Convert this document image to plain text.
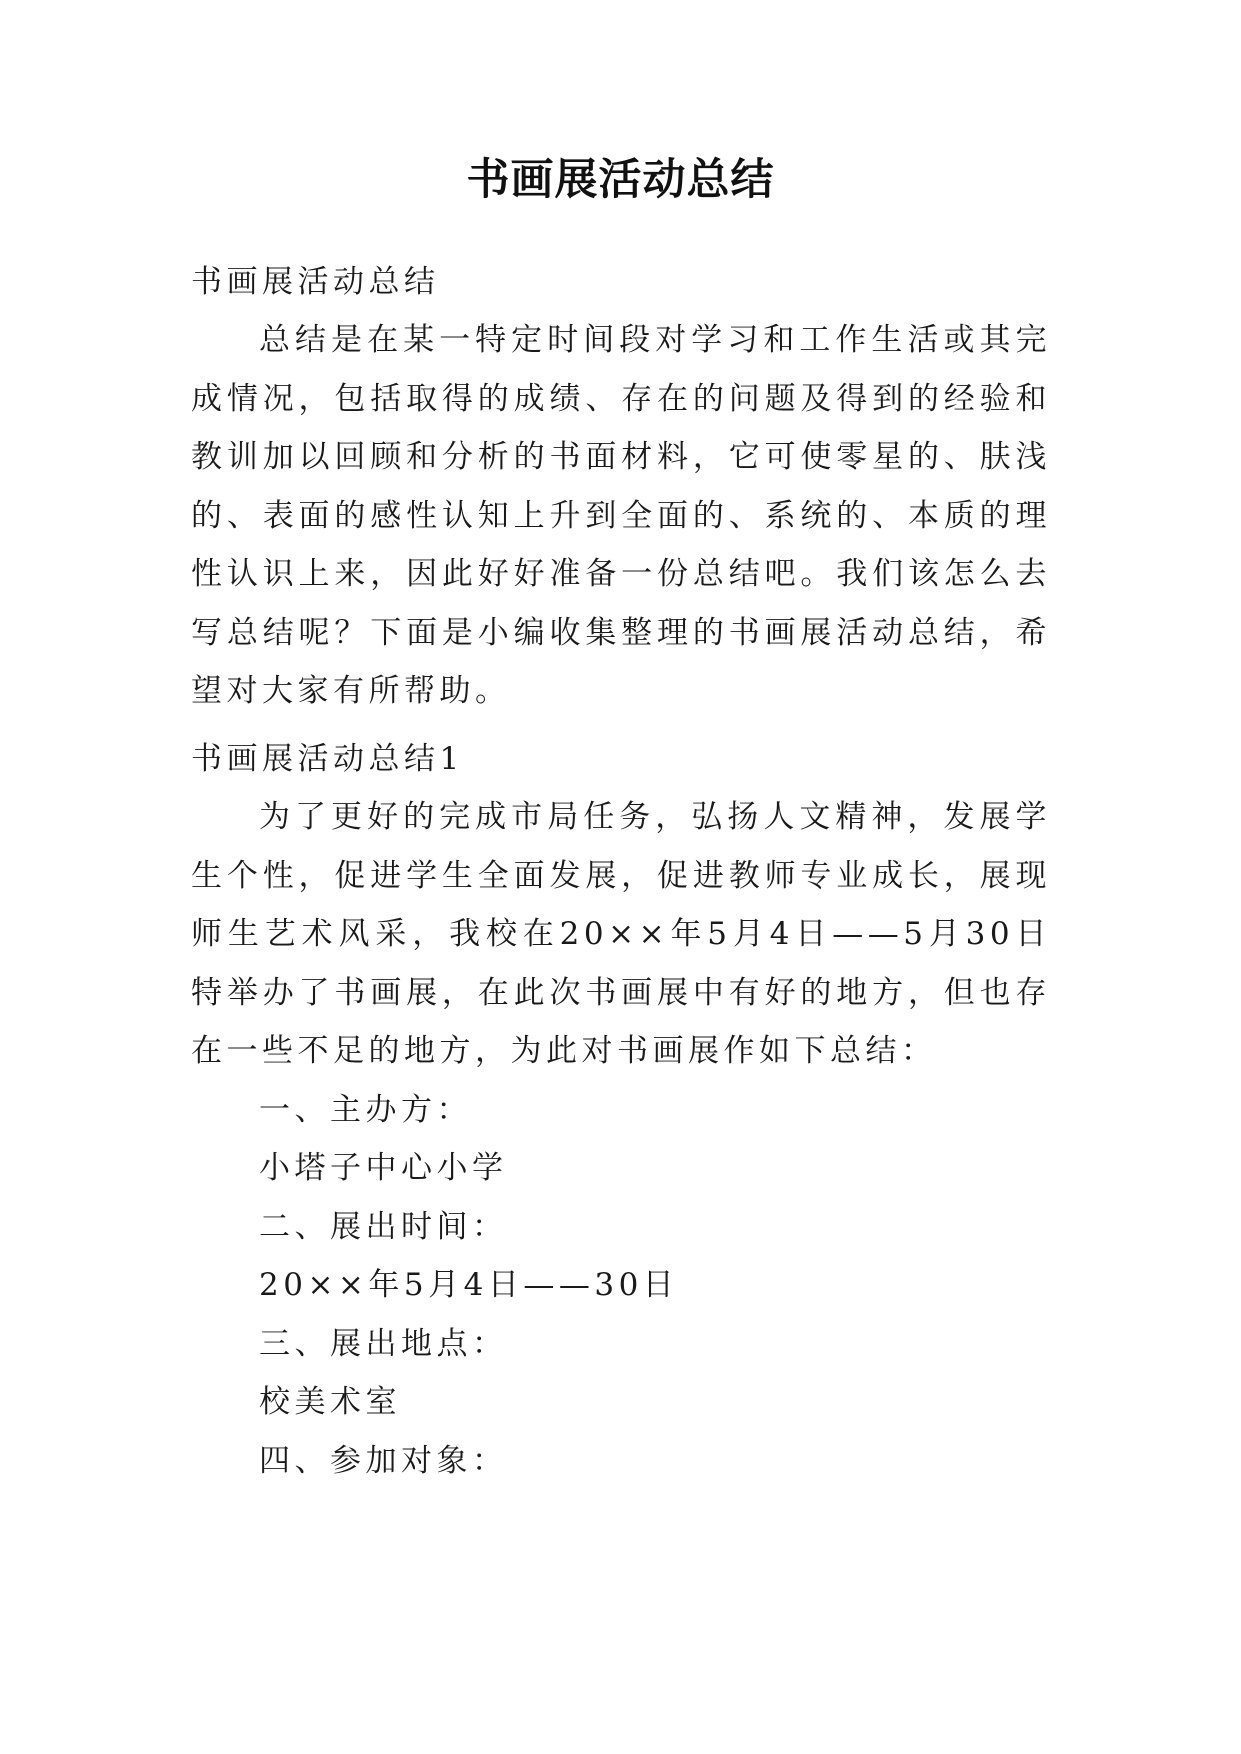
书画展活动总结
书画展活动总结

总结是在某一特定时间段对学习和工作生活或其完成情况，包括取得的成绩、存在的问题及得到的经验和教训加以回顾和分析的书面材料，它可使零星的、肤浅的、表面的感性认知上升到全面的、系统的、本质的理性认识上来，因此好好准备一份总结吧。我们该怎么去写总结呢？下面是小编收集整理的书画展活动总结，希望对大家有所帮助。

书画展活动总结1

为了更好的完成市局任务，弘扬人文精神，发展学生个性，促进学生全面发展，促进教师专业成长，展现师生艺术风采，我校在20××年5月4日——5月30日特举办了书画展，在此次书画展中有好的地方，但也存在一些不足的地方，为此对书画展作如下总结：

一、主办方：

小塔子中心小学

二、展出时间：

20××年5月4日——30日

三、展出地点：

校美术室

四、参加对象：
